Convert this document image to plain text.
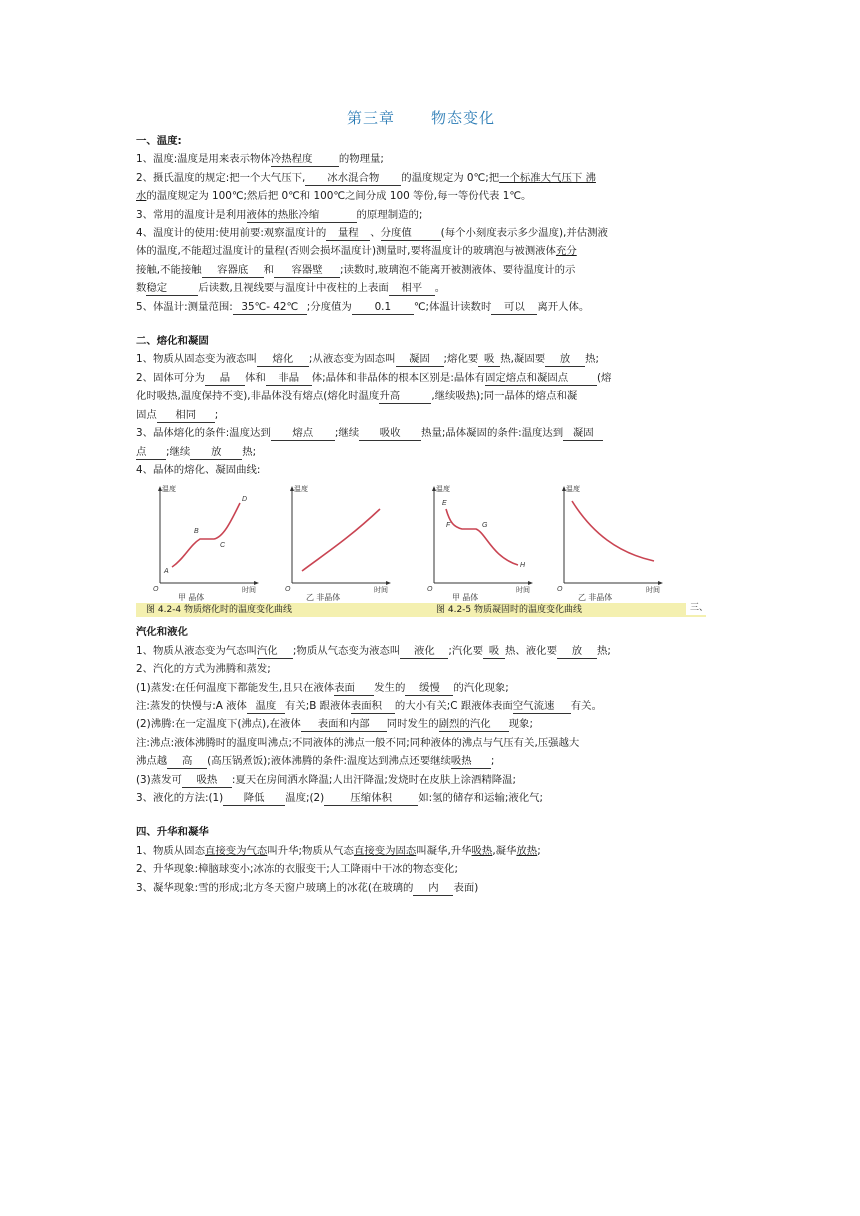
第三章 物态变化
一、温度:
1、温度:温度是用来表示物体冷热程度	的物理量;
2、摄氏温度的规定:把一个大气压下, 冰水混合物 的温度规定为 0℃;把一个标准大气压下 沸
水的温度规定为 100℃;然后把 0℃和 100℃之间分成 100 等份,每一等份代表 1℃。
3、常用的温度计是利用液体的热胀冷缩	的原理制造的;
4、温度计的使用:使用前要:观察温度计的 量程 、分度值	(每个小刻度表示多少温度),并估测液
体的温度,不能超过温度计的量程(否则会损坏温度计)测量时,要将温度计的玻璃泡与被测液体充分
接触,不能接触 容器底 和 容器壁 ;读数时,玻璃泡不能离开被测液体、要待温度计的示
数稳定	后读数,且视线要与温度计中夜柱的上表面 相平 。
5、体温计:测量范围: 35℃- 42℃ ;分度值为 0.1 ℃;体温计读数时 可以 离开人体。
二、熔化和凝固
1、物质从固态变为液态叫 熔化 ;从液态变为固态叫 凝固 ;熔化要 吸 热,凝固要 放 热;
2、固体可分为 晶 体和 非晶 体;晶体和非晶体的根本区别是:晶体有固定熔点和凝固点	(熔
化时吸热,温度保持不变),非晶体没有熔点(熔化时温度升高	,继续吸热);同一晶体的熔点和凝
固点 相同 ;
3、晶体熔化的条件:温度达到 熔点 ;继续 吸收 热量;晶体凝固的条件:温度达到 凝固
点 ;继续 放 热;
4、晶体的熔化、凝固曲线:
温度
时间
O
A
B
C
D
甲 晶体
温度
时间
O
乙 非晶体
温度
时间
O
E
F	G
H
甲 晶体
温度
时间
O
乙 非晶体
图 4.2-4 物质熔化时的温度变化曲线	图 4.2-5 物质凝固时的温度变化曲线	三、
汽化和液化
1、物质从液态变为气态叫汽化 ;物质从气态变为液态叫 液化 ;汽化要 吸 热、液化要 放 热;
2、汽化的方式为沸腾和蒸发;
(1)蒸发:在任何温度下都能发生,且只在液体表面 发生的 缓慢 的汽化现象;
注:蒸发的快慢与:A 液体 温度 有关;B 跟液体表面积 的大小有关;C 跟液体表面空气流速 有关。
(2)沸腾:在一定温度下(沸点),在液体 表面和内部 同时发生的剧烈的汽化 现象;
注:沸点:液体沸腾时的温度叫沸点;不同液体的沸点一般不同;同种液体的沸点与气压有关,压强越大
沸点越 高 (高压锅煮饭);液体沸腾的条件:温度达到沸点还要继续吸热 ;
(3)蒸发可 吸热 :夏天在房间洒水降温;人出汗降温;发烧时在皮肤上涂酒精降温;
3、液化的方法:(1) 降低 温度;(2)	压缩体积	如:氢的储存和运输;液化气;
四、升华和凝华
1、物质从固态直接变为气态叫升华;物质从气态直接变为固态叫凝华,升华吸热,凝华放热;
2、升华现象:樟脑球变小;冰冻的衣服变干;人工降雨中干冰的物态变化;
3、凝华现象:雪的形成;北方冬天窗户玻璃上的冰花(在玻璃的 内 表面)
